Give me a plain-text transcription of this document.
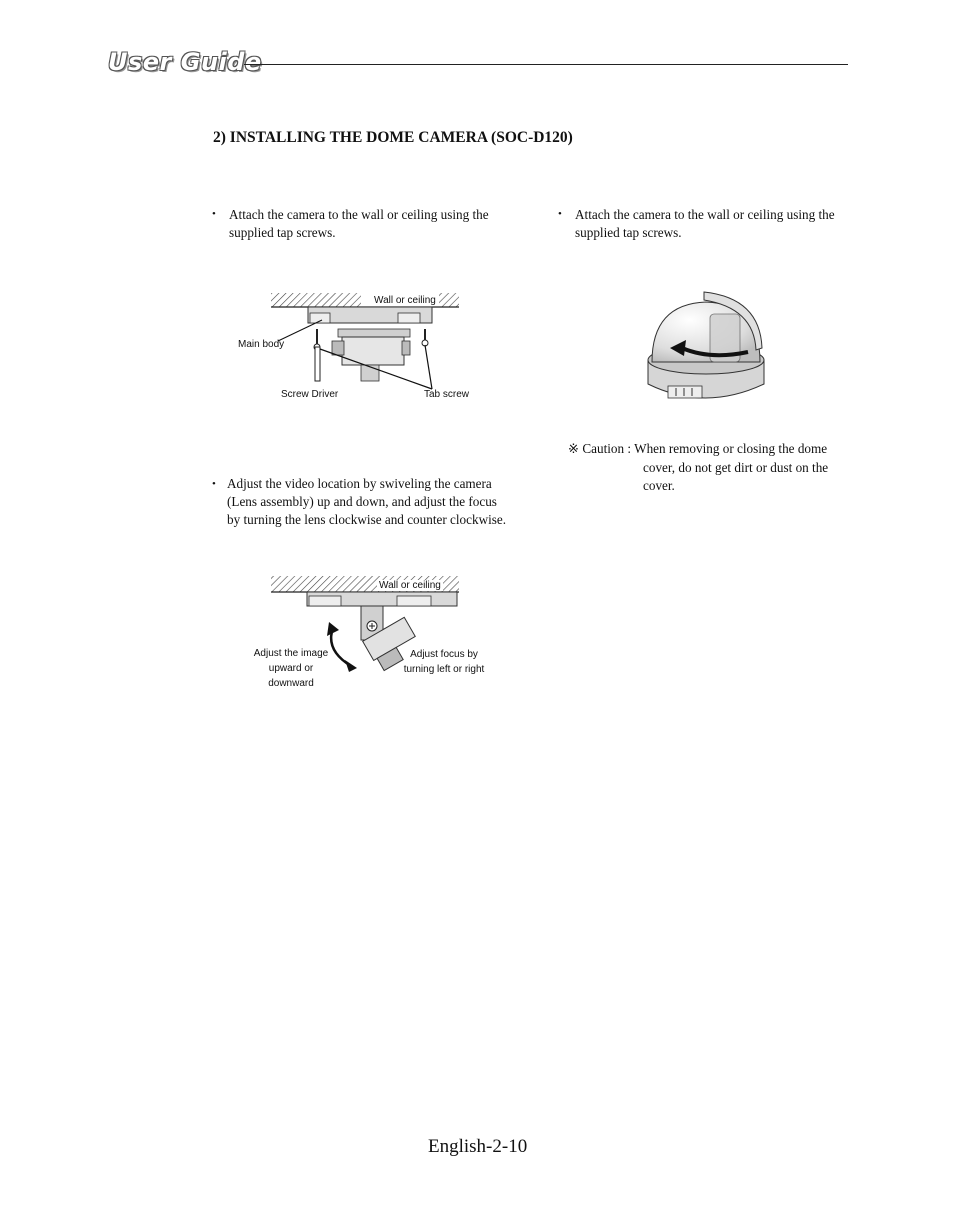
User Guide
2) INSTALLING THE DOME CAMERA (SOC-D120)
• Attach the camera to the wall or ceiling using the supplied tap screws.
• Attach the camera to the wall or ceiling using the supplied tap screws.
Wall or ceiling
Main body
Screw Driver	Tab screw
※ Caution : When removing or closing the dome
cover, do not get dirt or dust on the cover.
• Adjust the video location by swiveling the camera (Lens assembly) up and down, and adjust the focus by turning the lens clockwise and counter clockwise.
Wall or ceiling
Adjust the image upward or downward
Adjust focus by turning left or right
English-2-10
